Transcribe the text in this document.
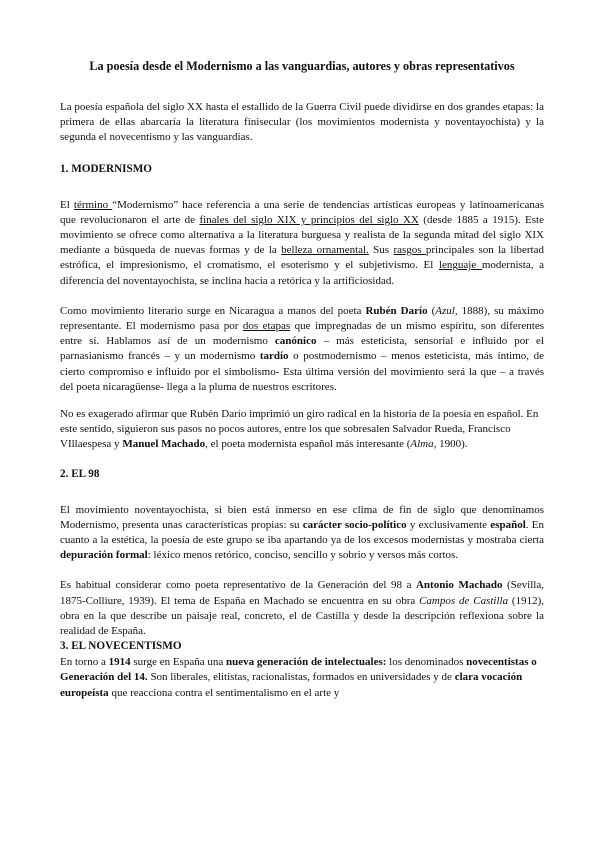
La poesía desde el Modernismo a las vanguardias, autores y obras representativos

La poesía española del siglo XX hasta el estallido de la Guerra Civil puede dividirse en dos grandes etapas: la primera de ellas abarcaría la literatura finisecular (los movimientos modernista y noventayochista) y la segunda el novecentismo y las vanguardias.

1. MODERNISMO

El término “Modernismo” hace referencia a una serie de tendencias artísticas europeas y latinoamericanas que revolucionaron el arte de finales del siglo XIX y principios del siglo XX (desde 1885 a 1915). Este movimiento se ofrece como alternativa a la literatura burguesa y realista de la segunda mitad del siglo XIX mediante a búsqueda de nuevas formas y de la belleza ornamental. Sus rasgos principales son la libertad estrófica, el impresionismo, el cromatismo, el esoterismo y el subjetivismo. El lenguaje modernista, a diferencia del noventayochista, se inclina hacia a retórica y la artificiosidad.

Como movimiento literario surge en Nicaragua a manos del poeta Rubén Darío (Azul, 1888), su máximo representante. El modernismo pasa por dos etapas que impregnadas de un mismo espíritu, son diferentes entre sí. Hablamos así de un modernismo canónico – más esteticista, sensorial e influido por el parnasianismo francés – y un modernismo tardío o postmodernismo – menos esteticista, más íntimo, de cierto compromiso e influido por el simbolismo- Esta última versión del movimiento será la que – a través del poeta nicaragüense- llega a la pluma de nuestros escritores.

No es exagerado afirmar que Rubén Darío imprimió un giro radical en la historia de la poesía en español. En este sentido, siguieron sus pasos no pocos autores, entre los que sobresalen Salvador Rueda, Francisco VIllaespesa y Manuel Machado, el poeta modernista español más interesante (Alma, 1900).

2. EL 98

El movimiento noventayochista, si bien está inmerso en ese clima de fin de siglo que denominamos Modernismo, presenta unas características propias: su carácter socio-político y exclusivamente español. En cuanto a la estética, la poesía de este grupo se iba apartando ya de los excesos modernistas y mostraba cierta depuración formal: léxico menos retórico, conciso, sencillo y sobrio y versos más cortos.

Es habitual considerar como poeta representativo de la Generación del 98 a Antonio Machado (Sevilla, 1875-Colliure, 1939). El tema de España en Machado se encuentra en su obra Campos de Castilla (1912), obra en la que describe un paisaje real, concreto, el de Castilla y desde la descripción reflexiona sobre la realidad de España.

3. EL NOVECENTISMO

En torno a 1914 surge en España una nueva generación de intelectuales: los denominados novecentistas o Generación del 14. Son liberales, elitistas, racionalistas, formados en universidades y de clara vocación europeísta que reacciona contra el sentimentalismo en el arte y
